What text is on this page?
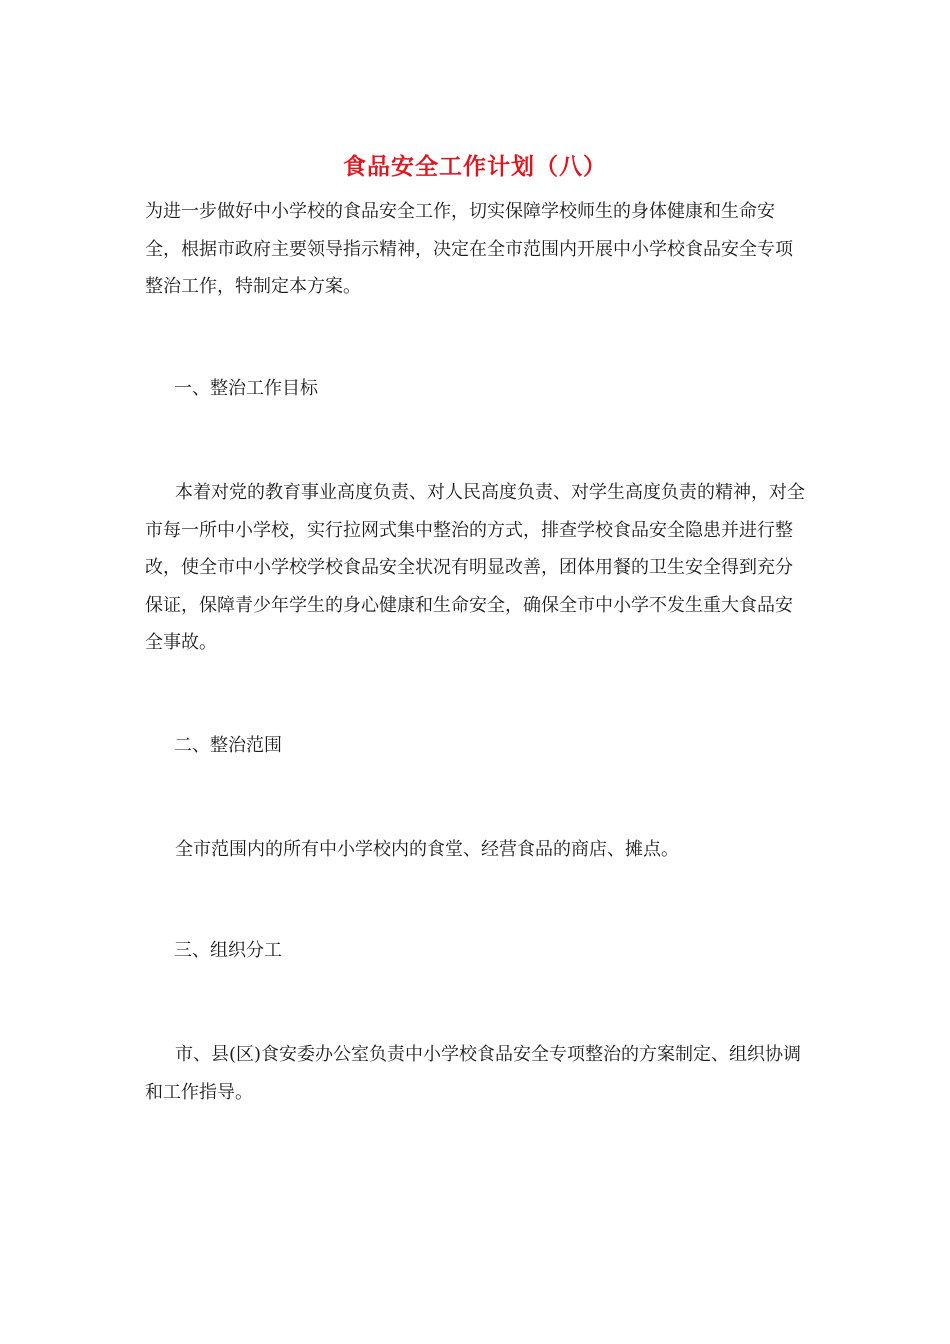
食品安全工作计划（八）

为进一步做好中小学校的食品安全工作，切实保障学校师生的身体健康和生命安全，根据市政府主要领导指示精神，决定在全市范围内开展中小学校食品安全专项整治工作，特制定本方案。

一、整治工作目标

本着对党的教育事业高度负责、对人民高度负责、对学生高度负责的精神，对全市每一所中小学校，实行拉网式集中整治的方式，排查学校食品安全隐患并进行整改，使全市中小学校学校食品安全状况有明显改善，团体用餐的卫生安全得到充分保证，保障青少年学生的身心健康和生命安全，确保全市中小学不发生重大食品安全事故。

二、整治范围

全市范围内的所有中小学校内的食堂、经营食品的商店、摊点。

三、组织分工

市、县(区)食安委办公室负责中小学校食品安全专项整治的方案制定、组织协调和工作指导。
